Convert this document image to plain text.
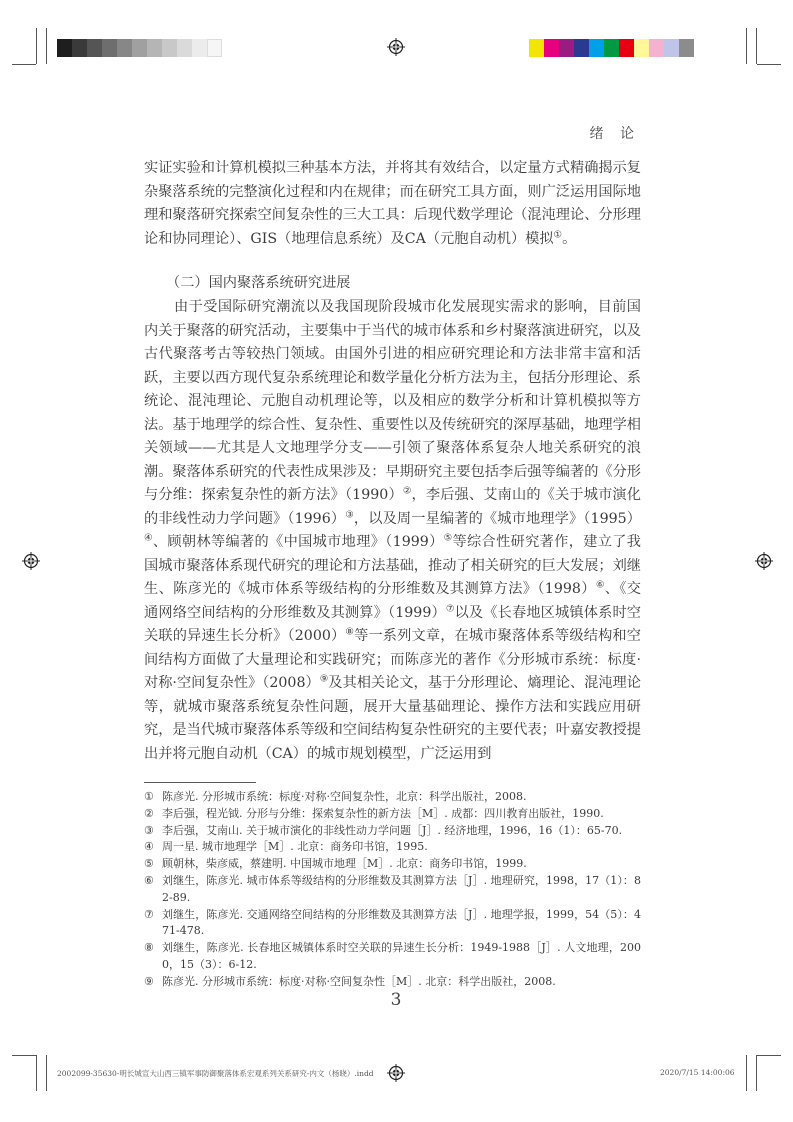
绪 论

实证实验和计算机模拟三种基本方法，并将其有效结合，以定量方式精确揭示复杂聚落系统的完整演化过程和内在规律；而在研究工具方面，则广泛运用国际地理和聚落研究探索空间复杂性的三大工具：后现代数学理论（混沌理论、分形理论和协同理论）、GIS（地理信息系统）及CA（元胞自动机）模拟①。

（二）国内聚落系统研究进展

由于受国际研究潮流以及我国现阶段城市化发展现实需求的影响，目前国内关于聚落的研究活动，主要集中于当代的城市体系和乡村聚落演进研究，以及古代聚落考古等较热门领域。由国外引进的相应研究理论和方法非常丰富和活跃，主要以西方现代复杂系统理论和数学量化分析方法为主，包括分形理论、系统论、混沌理论、元胞自动机理论等，以及相应的数学分析和计算机模拟等方法。基于地理学的综合性、复杂性、重要性以及传统研究的深厚基础，地理学相关领域——尤其是人文地理学分支——引领了聚落体系复杂人地关系研究的浪潮。聚落体系研究的代表性成果涉及：早期研究主要包括李后强等编著的《分形与分维：探索复杂性的新方法》（1990）②，李后强、艾南山的《关于城市演化的非线性动力学问题》（1996）③，以及周一星编著的《城市地理学》（1995）④、顾朝林等编著的《中国城市地理》（1999）⑤等综合性研究著作，建立了我国城市聚落体系现代研究的理论和方法基础，推动了相关研究的巨大发展；刘继生、陈彦光的《城市体系等级结构的分形维数及其测算方法》（1998）⑥、《交通网络空间结构的分形维数及其测算》（1999）⑦以及《长春地区城镇体系时空关联的异速生长分析》（2000）⑧等一系列文章，在城市聚落体系等级结构和空间结构方面做了大量理论和实践研究；而陈彦光的著作《分形城市系统：标度·对称·空间复杂性》（2008）⑨及其相关论文，基于分形理论、熵理论、混沌理论等，就城市聚落系统复杂性问题，展开大量基础理论、操作方法和实践应用研究，是当代城市聚落体系等级和空间结构复杂性研究的主要代表；叶嘉安教授提出并将元胞自动机（CA）的城市规划模型，广泛运用到

① 陈彦光. 分形城市系统：标度·对称·空间复杂性，北京：科学出版社，2008.
② 李后强，程光钺. 分形与分维：探索复杂性的新方法［M］. 成都：四川教育出版社，1990.
③ 李后强，艾南山. 关于城市演化的非线性动力学问题［J］. 经济地理，1996，16（1）：65-70.
④ 周一星. 城市地理学［M］. 北京：商务印书馆，1995.
⑤ 顾朝林，柴彦威，蔡建明. 中国城市地理［M］. 北京：商务印书馆，1999.
⑥ 刘继生，陈彦光. 城市体系等级结构的分形维数及其测算方法［J］. 地理研究，1998，17（1）：82-89.
⑦ 刘继生，陈彦光. 交通网络空间结构的分形维数及其测算方法［J］. 地理学报，1999，54（5）：471-478.
⑧ 刘继生，陈彦光. 长春地区城镇体系时空关联的异速生长分析：1949-1988［J］. 人文地理，2000，15（3）：6-12.
⑨ 陈彦光. 分形城市系统：标度·对称·空间复杂性［M］. 北京：科学出版社，2008.
3
2002099-35630-明长城宣大山西三镇军事防御聚落体系宏观系列关系研究-内文（杨晓）.indd	2020/7/15 14:00:06
